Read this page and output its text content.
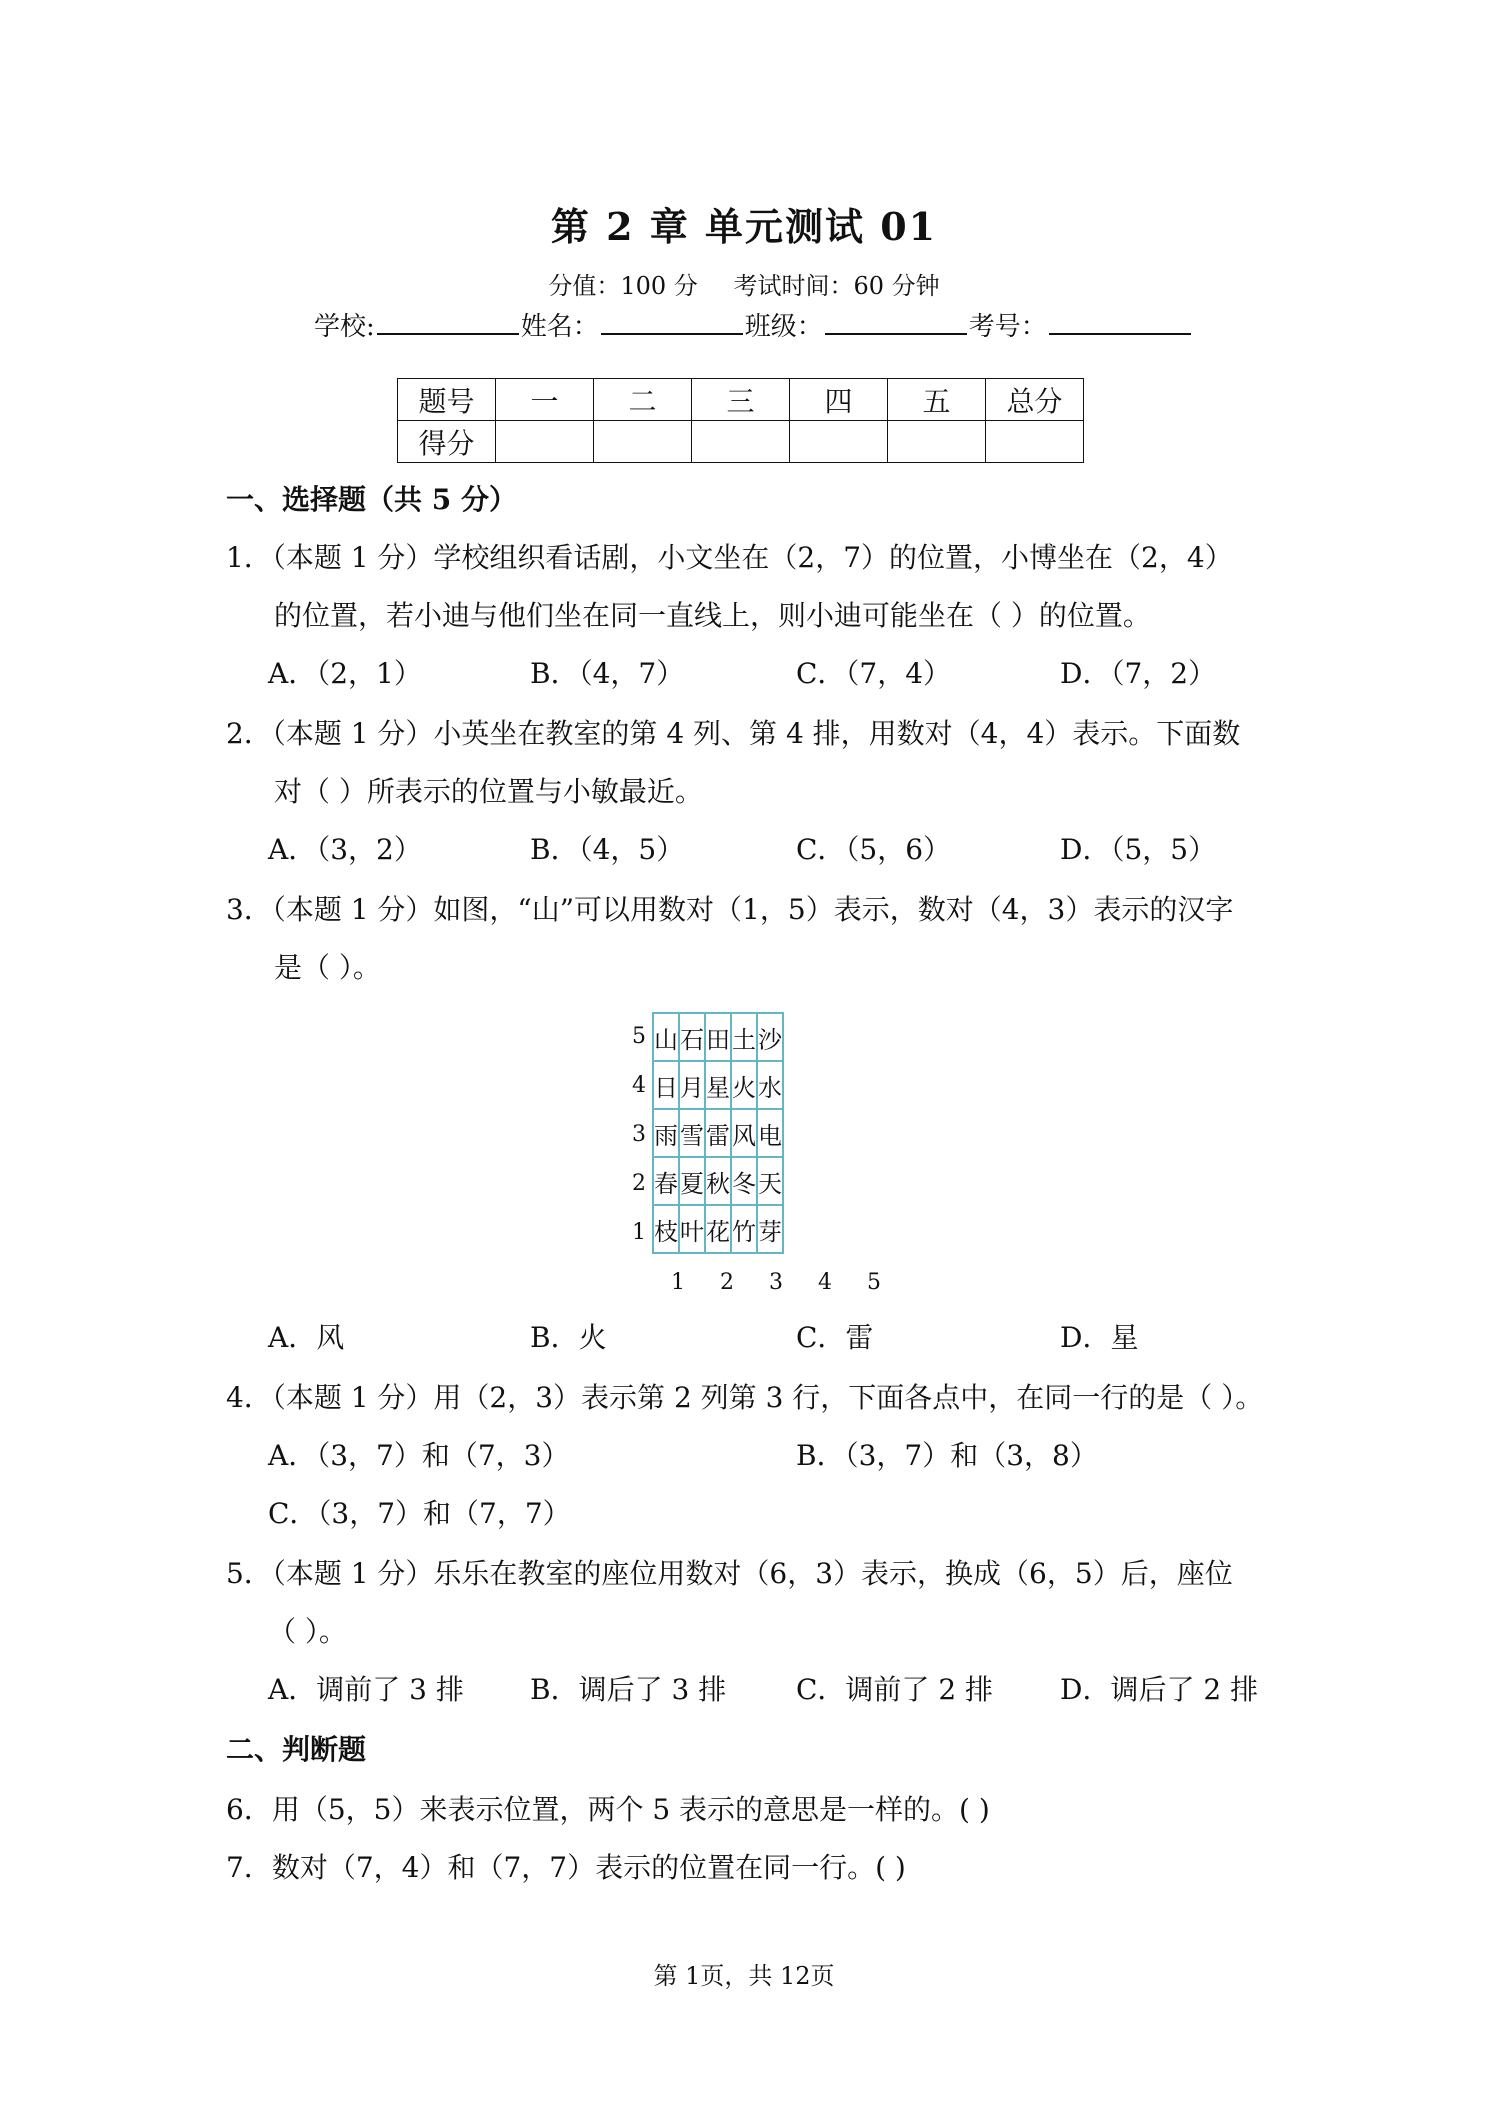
第 2 章 单元测试 01
分值：100 分 考试时间：60 分钟
学校:	姓名：	班级：	考号：
题号	一	二	三	四	五	总分
得分						
一、选择题（共 5 分）
1．（本题 1 分）学校组织看话剧，小文坐在（2，7）的位置，小博坐在（2，4）
的位置，若小迪与他们坐在同一直线上，则小迪可能坐在（ ）的位置。
A．（2，1）	B．（4，7）	C．（7，4）	D．（7，2）
2．（本题 1 分）小英坐在教室的第 4 列、第 4 排，用数对（4，4）表示。下面数
对（ ）所表示的位置与小敏最近。
A．（3，2）	B．（4，5）	C．（5，6）	D．（5，5）
3．（本题 1 分）如图，“山”可以用数对（1，5）表示，数对（4，3）表示的汉字
是（ ）。
5
4
3
2
1
山	石	田	土	沙
日	月	星	火	水
雨	雪	雷	风	电
春	夏	秋	冬	天
枝	叶	花	竹	芽
1	2	3	4	5
A．风	B．火	C．雷	D．星
4．（本题 1 分）用（2，3）表示第 2 列第 3 行，下面各点中，在同一行的是（ ）。
A．（3，7）和（7，3）	B．（3，7）和（3，8）
C．（3，7）和（7，7）
5．（本题 1 分）乐乐在教室的座位用数对（6，3）表示，换成（6，5）后，座位
（ ）。
A．调前了 3 排 B．调后了 3 排 C．调前了 2 排 D．调后了 2 排
二、判断题
6．用（5，5）来表示位置，两个 5 表示的意思是一样的。( )
7．数对（7，4）和（7，7）表示的位置在同一行。( )
第 1页，共 12页
